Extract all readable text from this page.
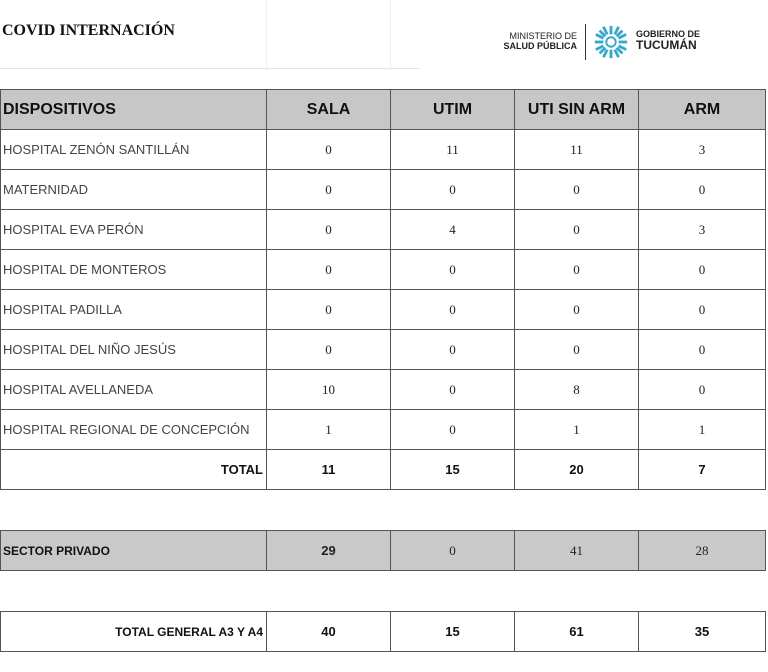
COVID INTERNACIÓN	MINISTERIO DE
SALUD PÚBLICA
GOBIERNO DE
TUCUMÁN
DISPOSITIVOS	SALA	UTIM	UTI SIN ARM	ARM
HOSPITAL ZENÓN SANTILLÁN	0	11	11	3
MATERNIDAD	0	0	0	0
HOSPITAL EVA PERÓN	0	4	0	3
HOSPITAL DE MONTEROS	0	0	0	0
HOSPITAL PADILLA	0	0	0	0
HOSPITAL DEL NIÑO JESÚS	0	0	0	0
HOSPITAL AVELLANEDA	10	0	8	0
HOSPITAL REGIONAL DE CONCEPCIÓN	1	0	1	1
TOTAL	11	15	20	7

SECTOR PRIVADO	29	0	41	28

TOTAL GENERAL A3 Y A4	40	15	61	35
